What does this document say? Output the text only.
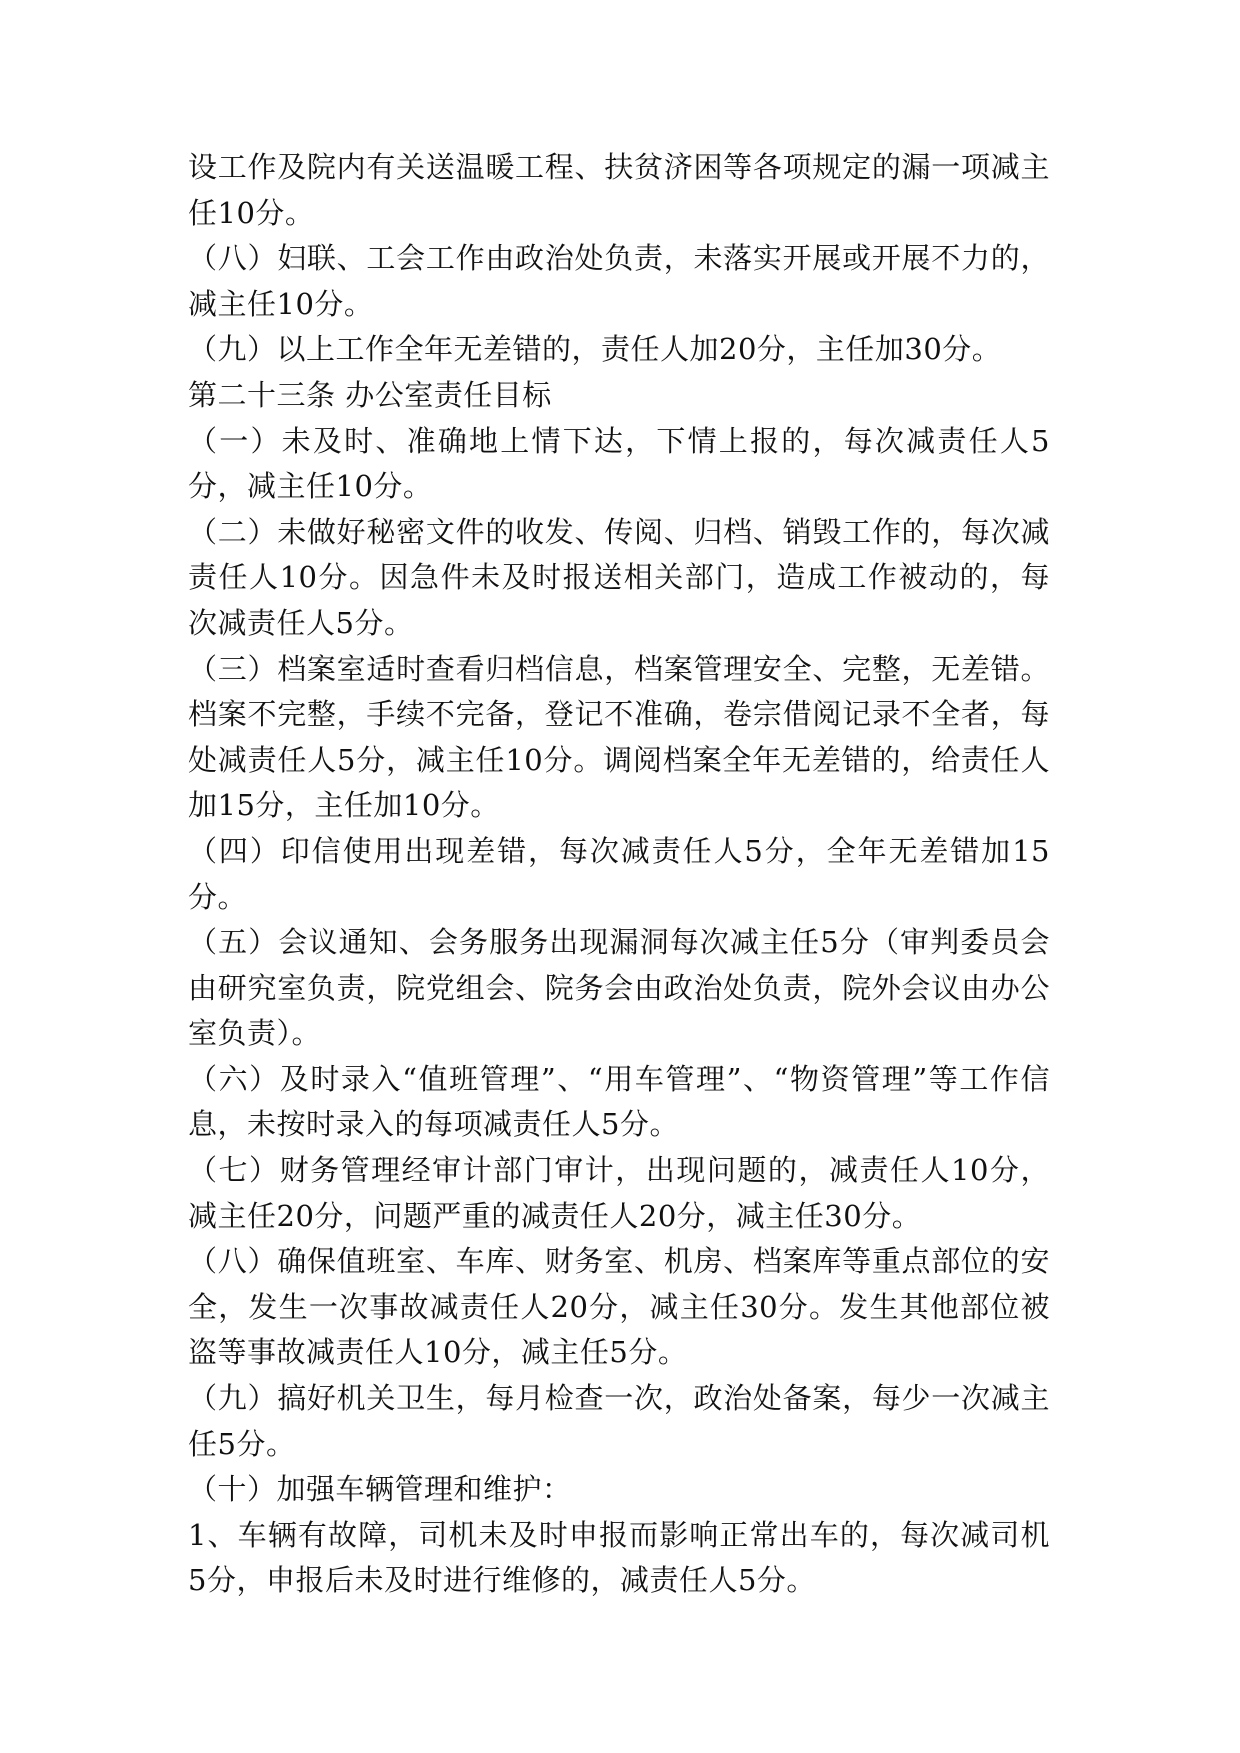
设工作及院内有关送温暖工程、扶贫济困等各项规定的漏一项减主任10分。

（八）妇联、工会工作由政治处负责，未落实开展或开展不力的，减主任10分。

（九）以上工作全年无差错的，责任人加20分，主任加30分。

第二十三条 办公室责任目标

（一）未及时、准确地上情下达，下情上报的，每次减责任人5分，减主任10分。

（二）未做好秘密文件的收发、传阅、归档、销毁工作的，每次减责任人10分。因急件未及时报送相关部门，造成工作被动的，每次减责任人5分。

（三）档案室适时查看归档信息，档案管理安全、完整，无差错。档案不完整，手续不完备，登记不准确，卷宗借阅记录不全者，每处减责任人5分，减主任10分。调阅档案全年无差错的，给责任人加15分，主任加10分。

（四）印信使用出现差错，每次减责任人5分，全年无差错加15分。

（五）会议通知、会务服务出现漏洞每次减主任5分（审判委员会由研究室负责，院党组会、院务会由政治处负责，院外会议由办公室负责）。

（六）及时录入“值班管理”、“用车管理”、“物资管理”等工作信息，未按时录入的每项减责任人5分。

（七）财务管理经审计部门审计，出现问题的，减责任人10分，减主任20分，问题严重的减责任人20分，减主任30分。

（八）确保值班室、车库、财务室、机房、档案库等重点部位的安全，发生一次事故减责任人20分，减主任30分。发生其他部位被盗等事故减责任人10分，减主任5分。

（九）搞好机关卫生，每月检查一次，政治处备案，每少一次减主任5分。

（十）加强车辆管理和维护：

1、车辆有故障，司机未及时申报而影响正常出车的，每次减司机5分，申报后未及时进行维修的，减责任人5分。
